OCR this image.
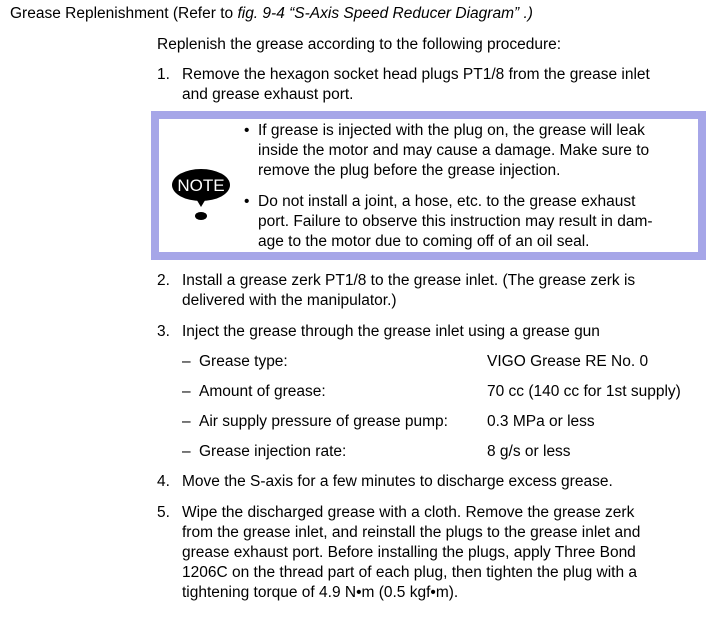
Grease Replenishment (Refer to fig. 9-4 “S-Axis Speed Reducer Diagram” .)
Replenish the grease according to the following procedure:
1. Remove the hexagon socket head plugs PT1/8 from the grease inlet
and grease exhaust port.
NOTE
• If grease is injected with the plug on, the grease will leak
inside the motor and may cause a damage. Make sure to
remove the plug before the grease injection.
• Do not install a joint, a hose, etc. to the grease exhaust
port. Failure to observe this instruction may result in dam-
age to the motor due to coming off of an oil seal.
2. Install a grease zerk PT1/8 to the grease inlet. (The grease zerk is
delivered with the manipulator.)
3. Inject the grease through the grease inlet using a grease gun
– Grease type:	VIGO Grease RE No. 0
– Amount of grease:	70 cc (140 cc for 1st supply)
– Air supply pressure of grease pump:	0.3 MPa or less
– Grease injection rate:	8 g/s or less
4. Move the S-axis for a few minutes to discharge excess grease.
5. Wipe the discharged grease with a cloth. Remove the grease zerk
from the grease inlet, and reinstall the plugs to the grease inlet and
grease exhaust port. Before installing the plugs, apply Three Bond
1206C on the thread part of each plug, then tighten the plug with a
tightening torque of 4.9 N•m (0.5 kgf•m).
